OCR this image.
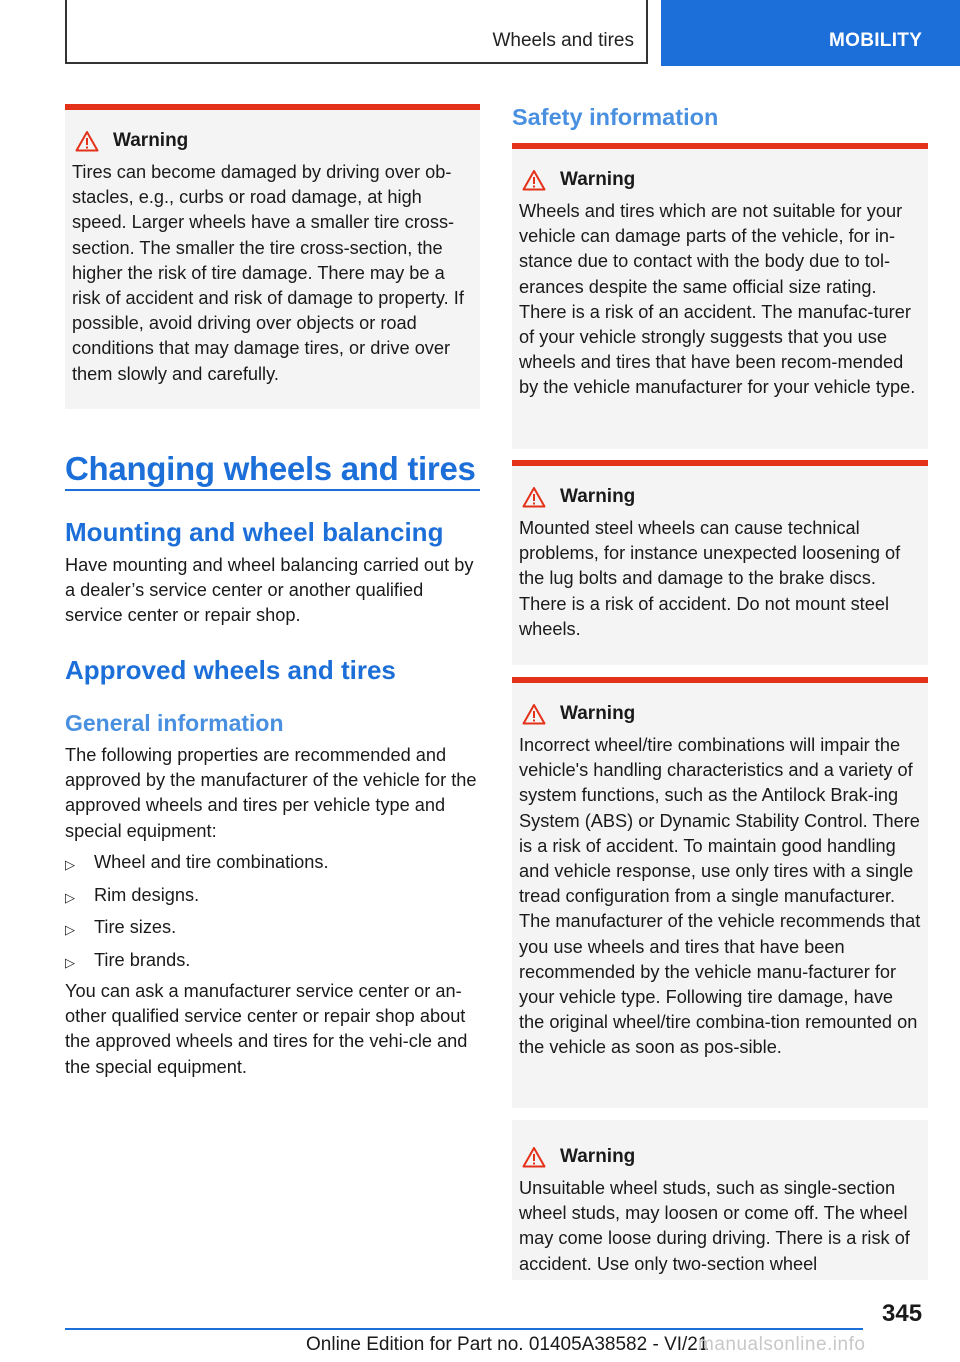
Wheels and tires	MOBILITY
Warning
Tires can become damaged by driving over ob-stacles, e.g., curbs or road damage, at high speed. Larger wheels have a smaller tire cross-section. The smaller the tire cross-section, the higher the risk of tire damage. There may be a risk of accident and risk of damage to property. If possible, avoid driving over objects or road conditions that may damage tires, or drive over them slowly and carefully.
Changing wheels and tires
Mounting and wheel balancing
Have mounting and wheel balancing carried out by a dealer’s service center or another qualified service center or repair shop.
Approved wheels and tires
General information
The following properties are recommended and approved by the manufacturer of the vehicle for the approved wheels and tires per vehicle type and special equipment:
▷ Wheel and tire combinations.
▷ Rim designs.
▷ Tire sizes.
▷ Tire brands.
You can ask a manufacturer service center or an-other qualified service center or repair shop about the approved wheels and tires for the vehi-cle and the special equipment.
Safety information
Warning
Wheels and tires which are not suitable for your vehicle can damage parts of the vehicle, for in-stance due to contact with the body due to tol-erances despite the same official size rating. There is a risk of an accident. The manufac-turer of your vehicle strongly suggests that you use wheels and tires that have been recom-mended by the vehicle manufacturer for your vehicle type.
Warning
Mounted steel wheels can cause technical problems, for instance unexpected loosening of the lug bolts and damage to the brake discs. There is a risk of accident. Do not mount steel wheels.
Warning
Incorrect wheel/tire combinations will impair the vehicle's handling characteristics and a variety of system functions, such as the Antilock Brak-ing System (ABS) or Dynamic Stability Control. There is a risk of accident. To maintain good handling and vehicle response, use only tires with a single tread configuration from a single manufacturer. The manufacturer of the vehicle recommends that you use wheels and tires that have been recommended by the vehicle manu-facturer for your vehicle type. Following tire damage, have the original wheel/tire combina-tion remounted on the vehicle as soon as pos-sible.
Warning
Unsuitable wheel studs, such as single-section wheel studs, may loosen or come off. The wheel may come loose during driving. There is a risk of accident. Use only two-section wheel
345
Online Edition for Part no. 01405A38582 - VI/21
manualsonline.info
